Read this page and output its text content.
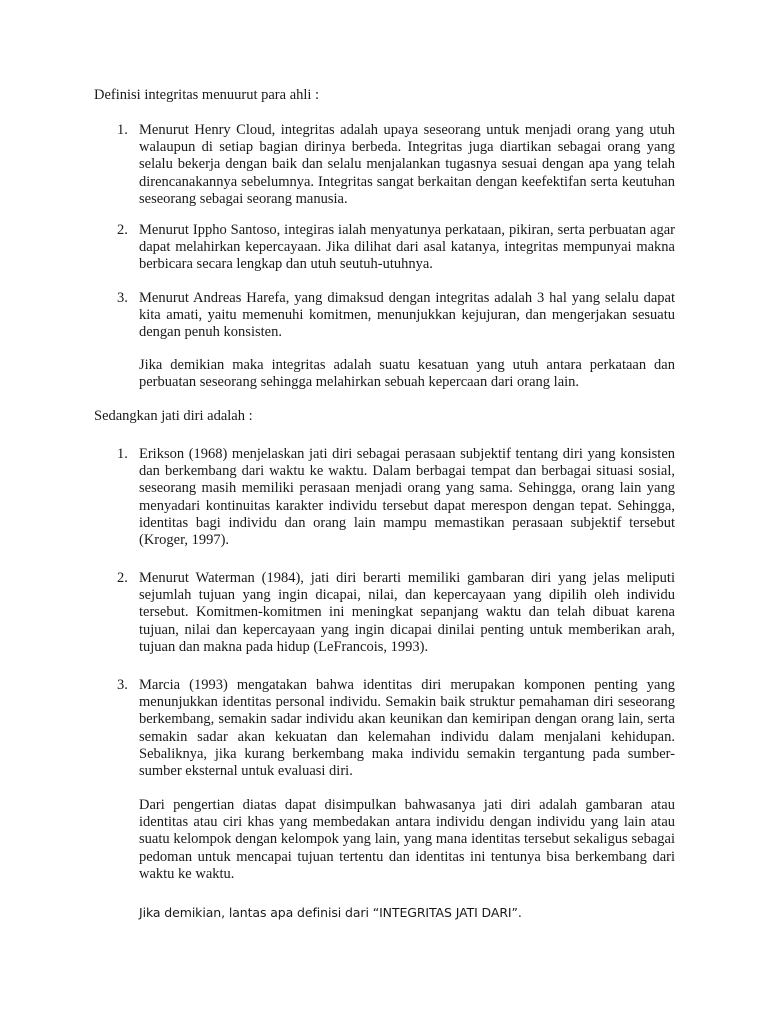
Definisi integritas menuurut para ahli :

1. Menurut Henry Cloud, integritas adalah upaya seseorang untuk menjadi orang yang utuh walaupun di setiap bagian dirinya berbeda. Integritas juga diartikan sebagai orang yang selalu bekerja dengan baik dan selalu menjalankan tugasnya sesuai dengan apa yang telah direncanakannya sebelumnya. Integritas sangat berkaitan dengan keefektifan serta keutuhan seseorang sebagai seorang manusia.
2. Menurut Ippho Santoso, integiras ialah menyatunya perkataan, pikiran, serta perbuatan agar dapat melahirkan kepercayaan. Jika dilihat dari asal katanya, integritas mempunyai makna berbicara secara lengkap dan utuh seutuh-utuhnya.
3. Menurut Andreas Harefa, yang dimaksud dengan integritas adalah 3 hal yang selalu dapat kita amati, yaitu memenuhi komitmen, menunjukkan kejujuran, dan mengerjakan sesuatu dengan penuh konsisten.

Jika demikian maka integritas adalah suatu kesatuan yang utuh antara perkataan dan perbuatan seseorang sehingga melahirkan sebuah kepercaan dari orang lain.

Sedangkan jati diri adalah :

1. Erikson (1968) menjelaskan jati diri sebagai perasaan subjektif tentang diri yang konsisten dan berkembang dari waktu ke waktu. Dalam berbagai tempat dan berbagai situasi sosial, seseorang masih memiliki perasaan menjadi orang yang sama. Sehingga, orang lain yang menyadari kontinuitas karakter individu tersebut dapat merespon dengan tepat. Sehingga, identitas bagi individu dan orang lain mampu memastikan perasaan subjektif tersebut (Kroger, 1997).
2. Menurut Waterman (1984), jati diri berarti memiliki gambaran diri yang jelas meliputi sejumlah tujuan yang ingin dicapai, nilai, dan kepercayaan yang dipilih oleh individu tersebut. Komitmen-komitmen ini meningkat sepanjang waktu dan telah dibuat karena tujuan, nilai dan kepercayaan yang ingin dicapai dinilai penting untuk memberikan arah, tujuan dan makna pada hidup (LeFrancois, 1993).
3. Marcia (1993) mengatakan bahwa identitas diri merupakan komponen penting yang menunjukkan identitas personal individu. Semakin baik struktur pemahaman diri seseorang berkembang, semakin sadar individu akan keunikan dan kemiripan dengan orang lain, serta semakin sadar akan kekuatan dan kelemahan individu dalam menjalani kehidupan. Sebaliknya, jika kurang berkembang maka individu semakin tergantung pada sumber-sumber eksternal untuk evaluasi diri.

Dari pengertian diatas dapat disimpulkan bahwasanya jati diri adalah gambaran atau identitas atau ciri khas yang membedakan antara individu dengan individu yang lain atau suatu kelompok dengan kelompok yang lain, yang mana identitas tersebut sekaligus sebagai pedoman untuk mencapai tujuan tertentu dan identitas ini tentunya bisa berkembang dari waktu ke waktu.

Jika demikian, lantas apa definisi dari “INTEGRITAS JATI DARI”.
